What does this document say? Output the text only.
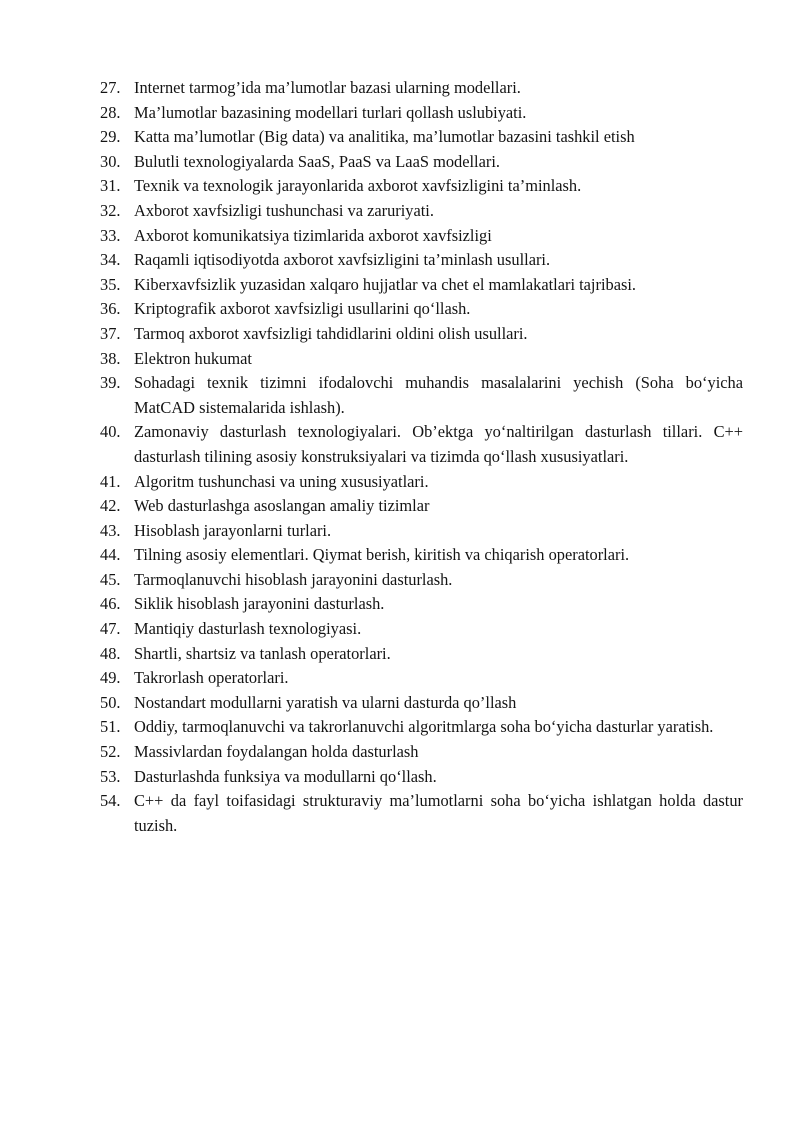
27. Internet tarmog’ida ma’lumotlar bazasi ularning modellari.
28. Ma’lumotlar bazasining modellari turlari qollash uslubiyati.
29. Katta ma’lumotlar (Big data) va analitika, ma’lumotlar bazasini tashkil etish
30. Bulutli texnologiyalarda SaaS, PaaS va LaaS modellari.
31. Texnik va texnologik jarayonlarida axborot xavfsizligini ta’minlash.
32. Axborot xavfsizligi tushunchasi va zaruriyati.
33. Axborot komunikatsiya tizimlarida axborot xavfsizligi
34. Raqamli iqtisodiyotda axborot xavfsizligini ta’minlash usullari.
35. Kiberxavfsizlik yuzasidan xalqaro hujjatlar va chet el mamlakatlari tajribasi.
36. Kriptografik axborot xavfsizligi usullarini qo‘llash.
37. Tarmoq axborot xavfsizligi tahdidlarini oldini olish usullari.
38. Elektron hukumat
39. Sohadagi texnik tizimni ifodalovchi muhandis masalalarini yechish (Soha bo‘yicha MatCAD sistemalarida ishlash).
40. Zamonaviy dasturlash texnologiyalari. Ob’ektga yo‘naltirilgan dasturlash tillari. C++ dasturlash tilining asosiy konstruksiyalari va tizimda qo‘llash xususiyatlari.
41. Algoritm tushunchasi va uning xususiyatlari.
42. Web dasturlashga asoslangan amaliy tizimlar
43. Hisoblash jarayonlarni turlari.
44. Tilning asosiy elementlari. Qiymat berish, kiritish va chiqarish operatorlari.
45. Tarmoqlanuvchi hisoblash jarayonini dasturlash.
46. Siklik hisoblash jarayonini dasturlash.
47. Mantiqiy dasturlash texnologiyasi.
48. Shartli, shartsiz va tanlash operatorlari.
49. Takrorlash operatorlari.
50. Nostandart modullarni yaratish va ularni dasturda qo’llash
51. Oddiy, tarmoqlanuvchi va takrorlanuvchi algoritmlarga soha bo‘yicha dasturlar yaratish.
52. Massivlardan foydalangan holda dasturlash
53. Dasturlashda funksiya va modullarni qo‘llash.
54. C++ da fayl toifasidagi strukturaviy ma’lumotlarni soha bo‘yicha ishlatgan holda dastur tuzish.
